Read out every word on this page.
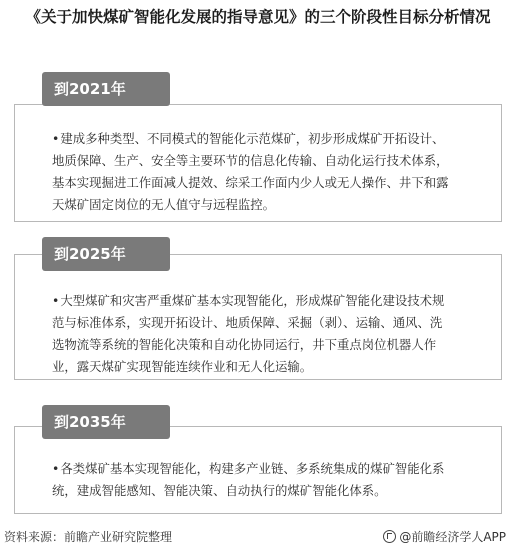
《关于加快煤矿智能化发展的指导意见》的三个阶段性目标分析情况
到2021年
•建成多种类型、不同模式的智能化示范煤矿，初步形成煤矿开拓设计、地质保障、生产、安全等主要环节的信息化传输、自动化运行技术体系，基本实现掘进工作面减人提效、综采工作面内少人或无人操作、井下和露天煤矿固定岗位的无人值守与远程监控。
到2025年
•大型煤矿和灾害严重煤矿基本实现智能化，形成煤矿智能化建设技术规范与标准体系，实现开拓设计、地质保障、采掘（剥）、运输、通风、洗选物流等系统的智能化决策和自动化协同运行，井下重点岗位机器人作业，露天煤矿实现智能连续作业和无人化运输。
到2035年
•各类煤矿基本实现智能化，构建多产业链、多系统集成的煤矿智能化系统，建成智能感知、智能决策、自动执行的煤矿智能化体系。
资料来源：前瞻产业研究院整理	@前瞻经济学人APP
